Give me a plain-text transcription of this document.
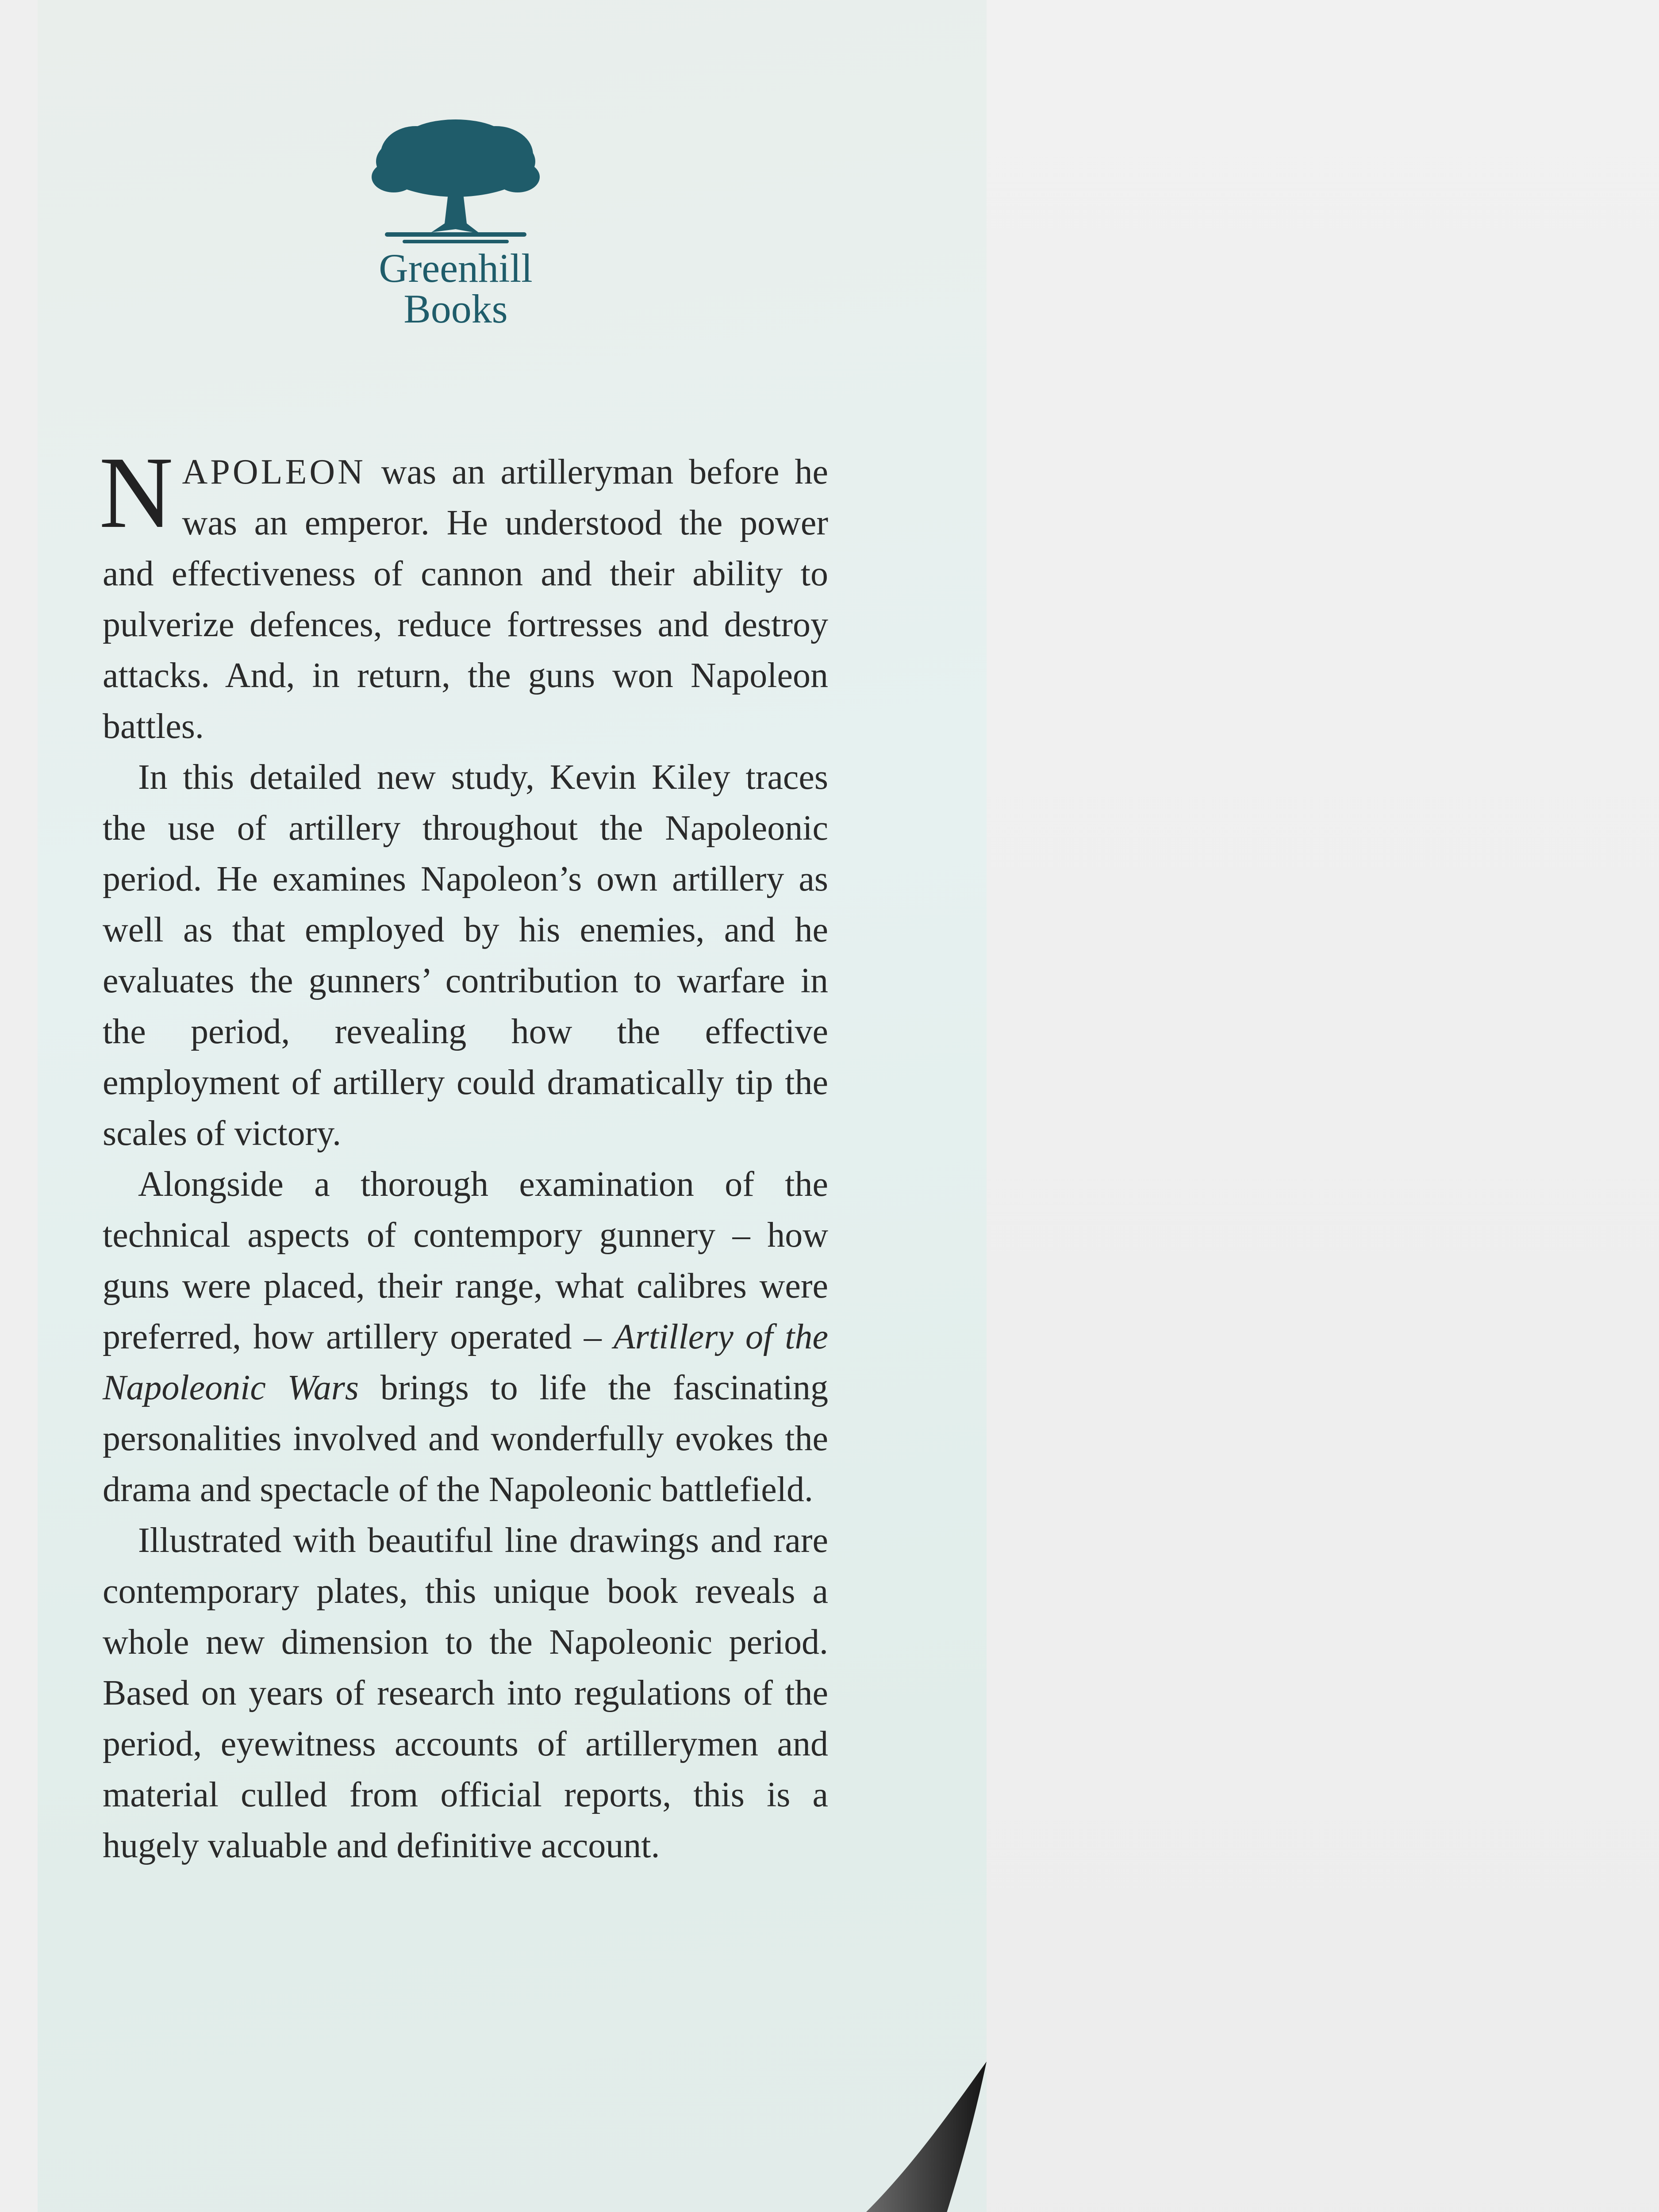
Greenhill
Books

NAPOLEON was an artilleryman before he was an emperor. He understood the power and effectiveness of cannon and their ability to pulverize defences, reduce fortresses and destroy attacks. And, in return, the guns won Napoleon battles.

In this detailed new study, Kevin Kiley traces the use of artillery throughout the Napoleonic period. He examines Napoleon’s own artillery as well as that employed by his enemies, and he evaluates the gunners’ contribution to warfare in the period, revealing how the effective employment of artillery could dramatically tip the scales of victory.

Alongside a thorough examination of the technical aspects of contempory gunnery – how guns were placed, their range, what calibres were preferred, how artillery operated – Artillery of the Napoleonic Wars brings to life the fascinating personalities involved and wonderfully evokes the drama and spectacle of the Napoleonic battlefield.

Illustrated with beautiful line drawings and rare contemporary plates, this unique book reveals a whole new dimension to the Napoleonic period. Based on years of research into regulations of the period, eyewitness accounts of artillerymen and material culled from official reports, this is a hugely valuable and definitive account.
